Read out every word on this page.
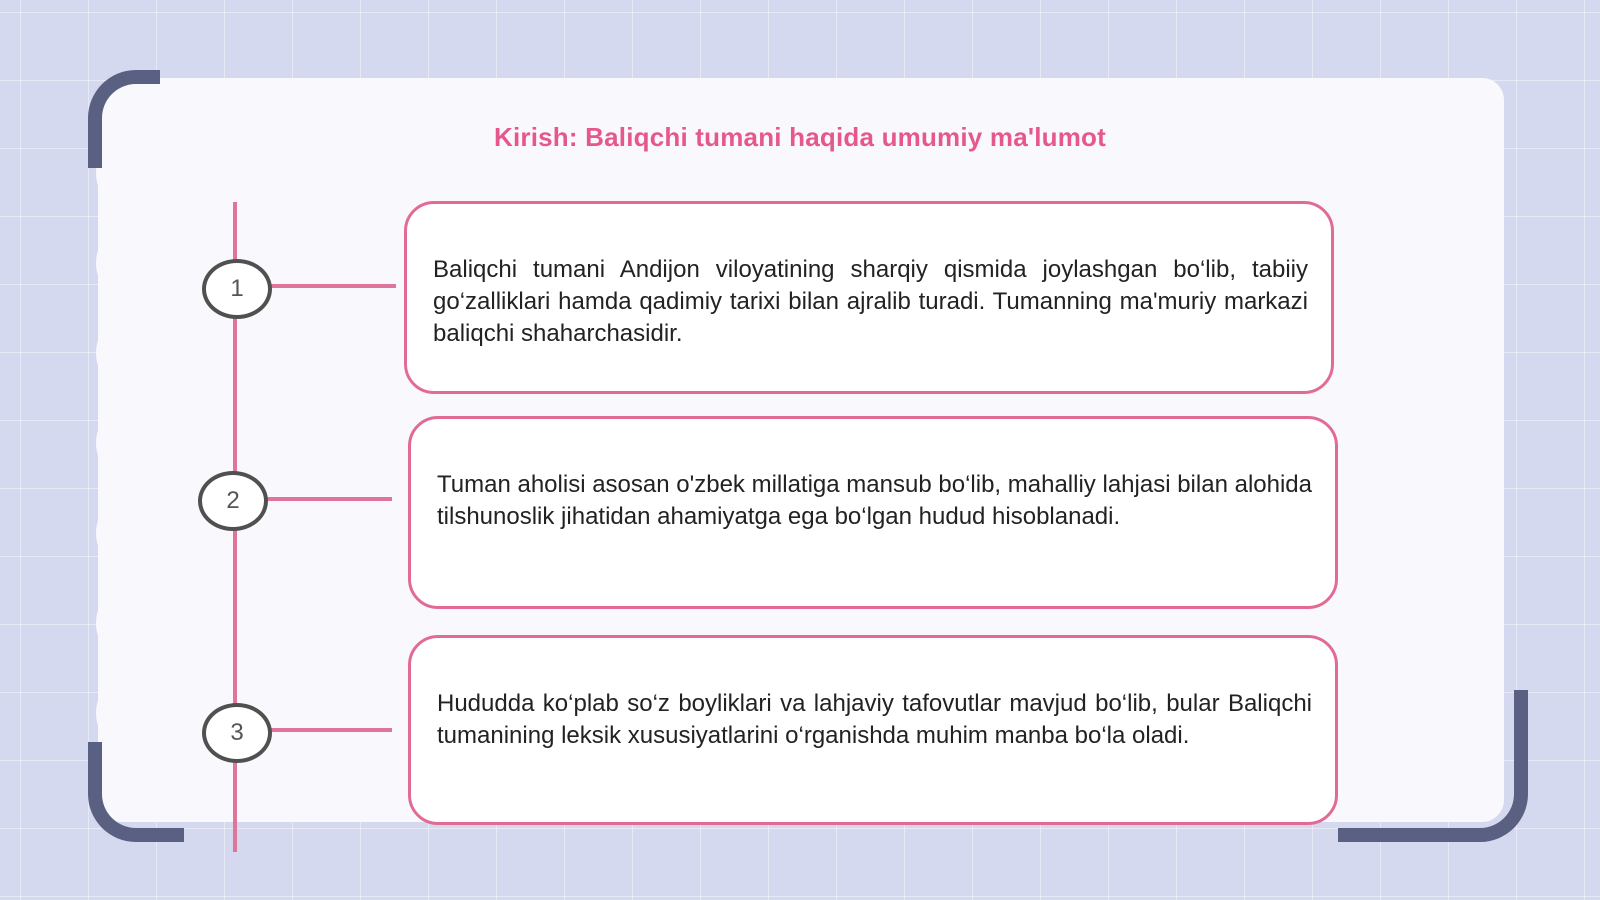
Kirish: Baliqchi tumani haqida umumiy ma'lumot
1
2
3

Baliqchi tumani Andijon viloyatining sharqiy qismida joylashgan bo‘lib, tabiiy go‘zalliklari hamda qadimiy tarixi bilan ajralib turadi. Tumanning ma'muriy markazi baliqchi shaharchasidir.

Tuman aholisi asosan o'zbek millatiga mansub bo‘lib, mahalliy lahjasi bilan alohida tilshunoslik jihatidan ahamiyatga ega bo‘lgan hudud hisoblanadi.

Hududda ko‘plab so‘z boyliklari va lahjaviy tafovutlar mavjud bo‘lib, bular Baliqchi tumanining leksik xususiyatlarini o‘rganishda muhim manba bo‘la oladi.
